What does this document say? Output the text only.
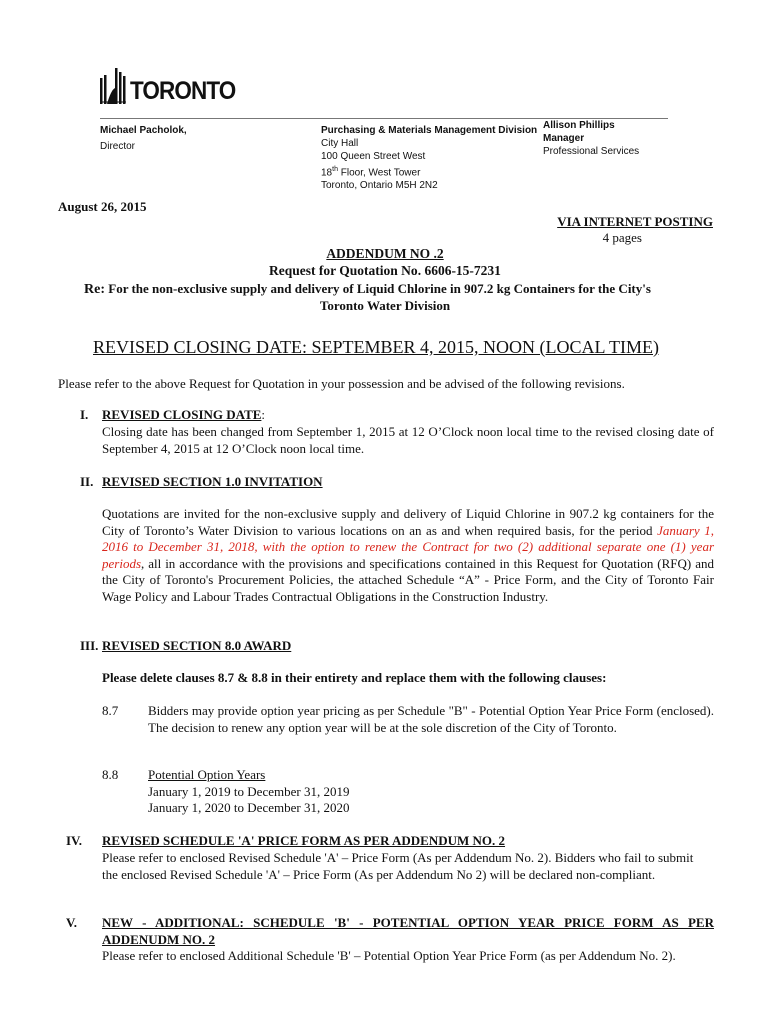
TORONTO
Michael Pacholok,
Director
Purchasing & Materials Management Division
City Hall
100 Queen Street West
18th Floor, West Tower
Toronto, Ontario M5H 2N2
Allison Phillips
Manager
Professional Services
August 26, 2015
VIA INTERNET POSTING
4 pages
ADDENDUM NO .2
Request for Quotation No. 6606-15-7231
Re: For the non-exclusive supply and delivery of Liquid Chlorine in 907.2 kg Containers for the City's
Toronto Water Division
REVISED CLOSING DATE: SEPTEMBER 4, 2015, NOON (LOCAL TIME)
Please refer to the above Request for Quotation in your possession and be advised of the following revisions.
I. REVISED CLOSING DATE:
Closing date has been changed from September 1, 2015 at 12 O’Clock noon local time to the revised closing date of September 4, 2015 at 12 O’Clock noon local time.
II. REVISED SECTION 1.0 INVITATION
Quotations are invited for the non-exclusive supply and delivery of Liquid Chlorine in 907.2 kg containers for the City of Toronto’s Water Division to various locations on an as and when required basis, for the period January 1, 2016 to December 31, 2018, with the option to renew the Contract for two (2) additional separate one (1) year periods, all in accordance with the provisions and specifications contained in this Request for Quotation (RFQ) and the City of Toronto's Procurement Policies, the attached Schedule “A” - Price Form, and the City of Toronto Fair Wage Policy and Labour Trades Contractual Obligations in the Construction Industry.
III. REVISED SECTION 8.0 AWARD
Please delete clauses 8.7 & 8.8 in their entirety and replace them with the following clauses:
8.7 Bidders may provide option year pricing as per Schedule "B" - Potential Option Year Price Form (enclosed). The decision to renew any option year will be at the sole discretion of the City of Toronto.
8.8 Potential Option Years
January 1, 2019 to December 31, 2019
January 1, 2020 to December 31, 2020
IV. REVISED SCHEDULE 'A' PRICE FORM AS PER ADDENDUM NO. 2
Please refer to enclosed Revised Schedule 'A' – Price Form (As per Addendum No. 2). Bidders who fail to submit the enclosed Revised Schedule 'A' – Price Form (As per Addendum No 2) will be declared non-compliant.
V. NEW - ADDITIONAL: SCHEDULE 'B' - POTENTIAL OPTION YEAR PRICE FORM AS PER ADDENUDM NO. 2
Please refer to enclosed Additional Schedule 'B' – Potential Option Year Price Form (as per Addendum No. 2).
